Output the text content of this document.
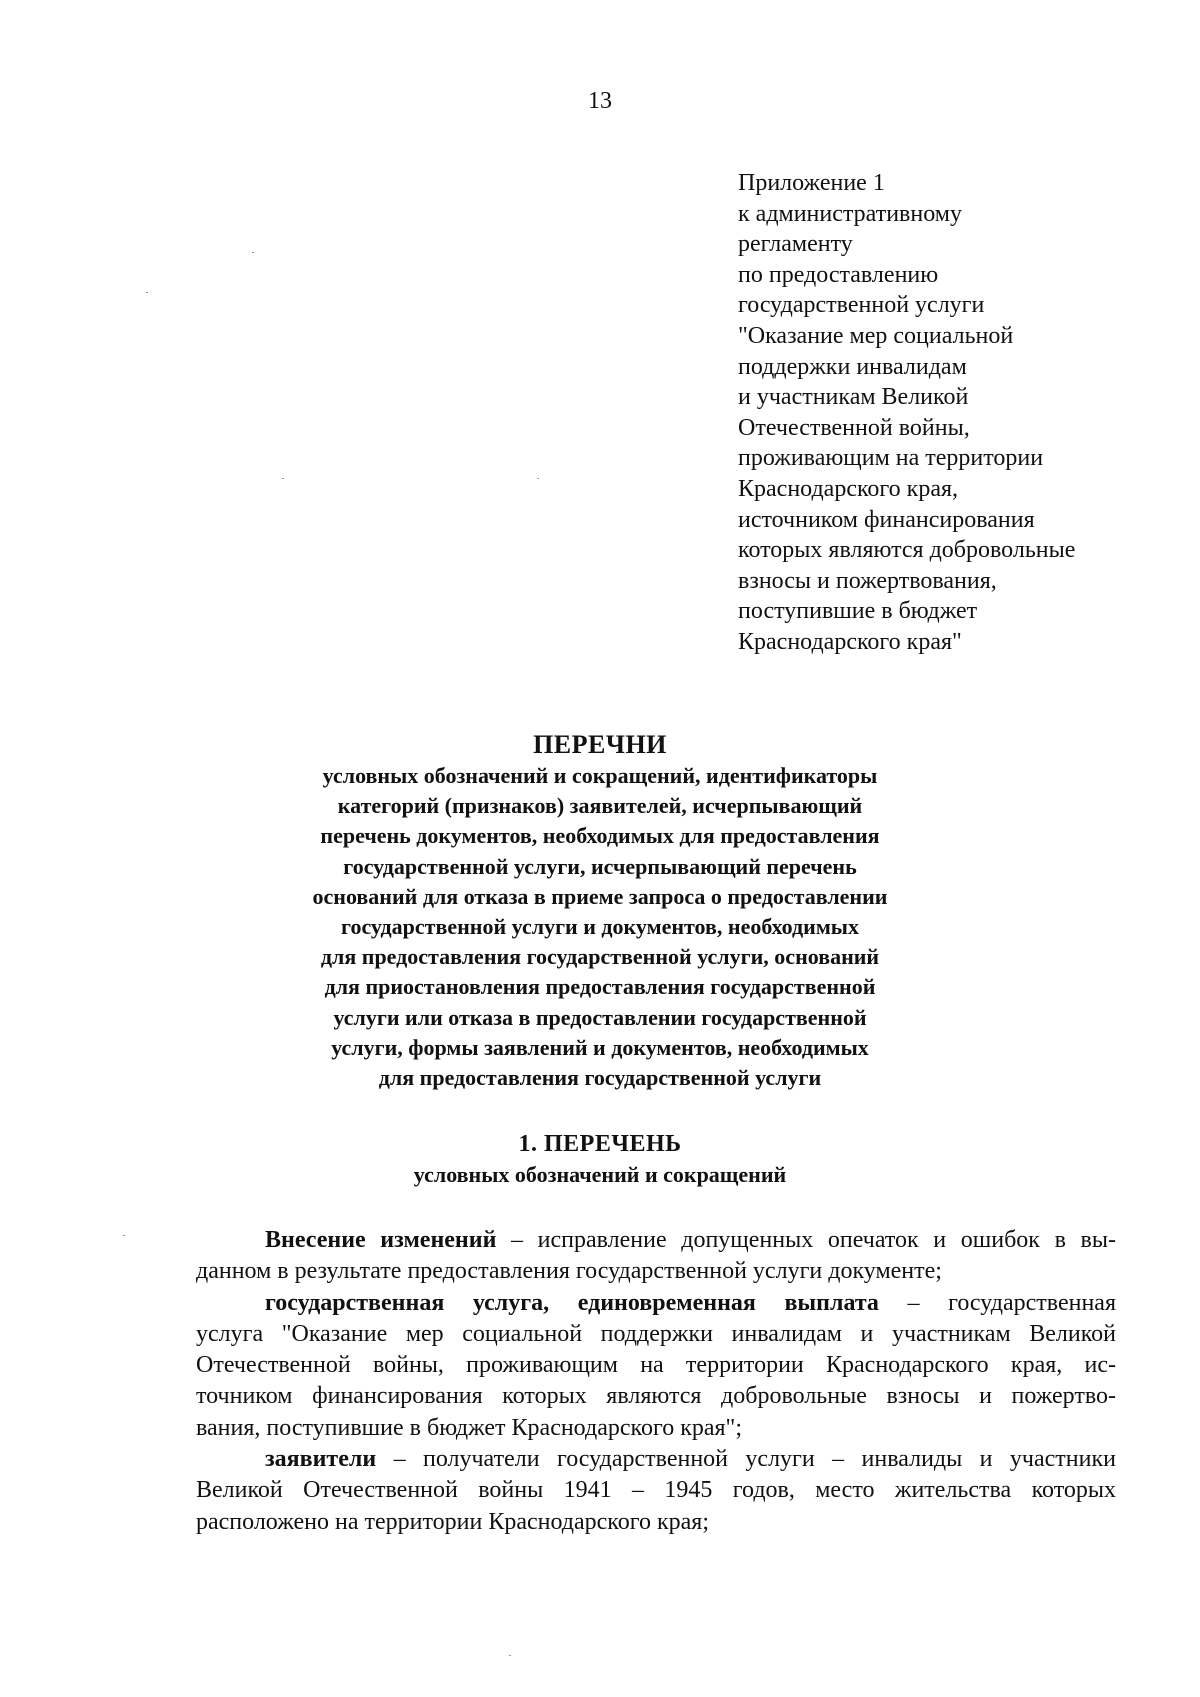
13
Приложение 1
к административному
регламенту
по предоставлению
государственной услуги
"Оказание мер социальной
поддержки инвалидам
и участникам Великой
Отечественной войны,
проживающим на территории
Краснодарского края,
источником финансирования
которых являются добровольные
взносы и пожертвования,
поступившие в бюджет
Краснодарского края"
ПЕРЕЧНИ
условных обозначений и сокращений, идентификаторы
категорий (признаков) заявителей, исчерпывающий
перечень документов, необходимых для предоставления
государственной услуги, исчерпывающий перечень
оснований для отказа в приеме запроса о предоставлении
государственной услуги и документов, необходимых
для предоставления государственной услуги, оснований
для приостановления предоставления государственной
услуги или отказа в предоставлении государственной
услуги, формы заявлений и документов, необходимых
для предоставления государственной услуги
1. ПЕРЕЧЕНЬ
условных обозначений и сокращений
Внесение изменений – исправление допущенных опечаток и ошибок в вы-
данном в результате предоставления государственной услуги документе;
государственная услуга, единовременная выплата – государственная
услуга "Оказание мер социальной поддержки инвалидам и участникам Великой
Отечественной войны, проживающим на территории Краснодарского края, ис-
точником финансирования которых являются добровольные взносы и пожертво-
вания, поступившие в бюджет Краснодарского края";
заявители – получатели государственной услуги – инвалиды и участники
Великой Отечественной войны 1941 – 1945 годов, место жительства которых
расположено на территории Краснодарского края;
